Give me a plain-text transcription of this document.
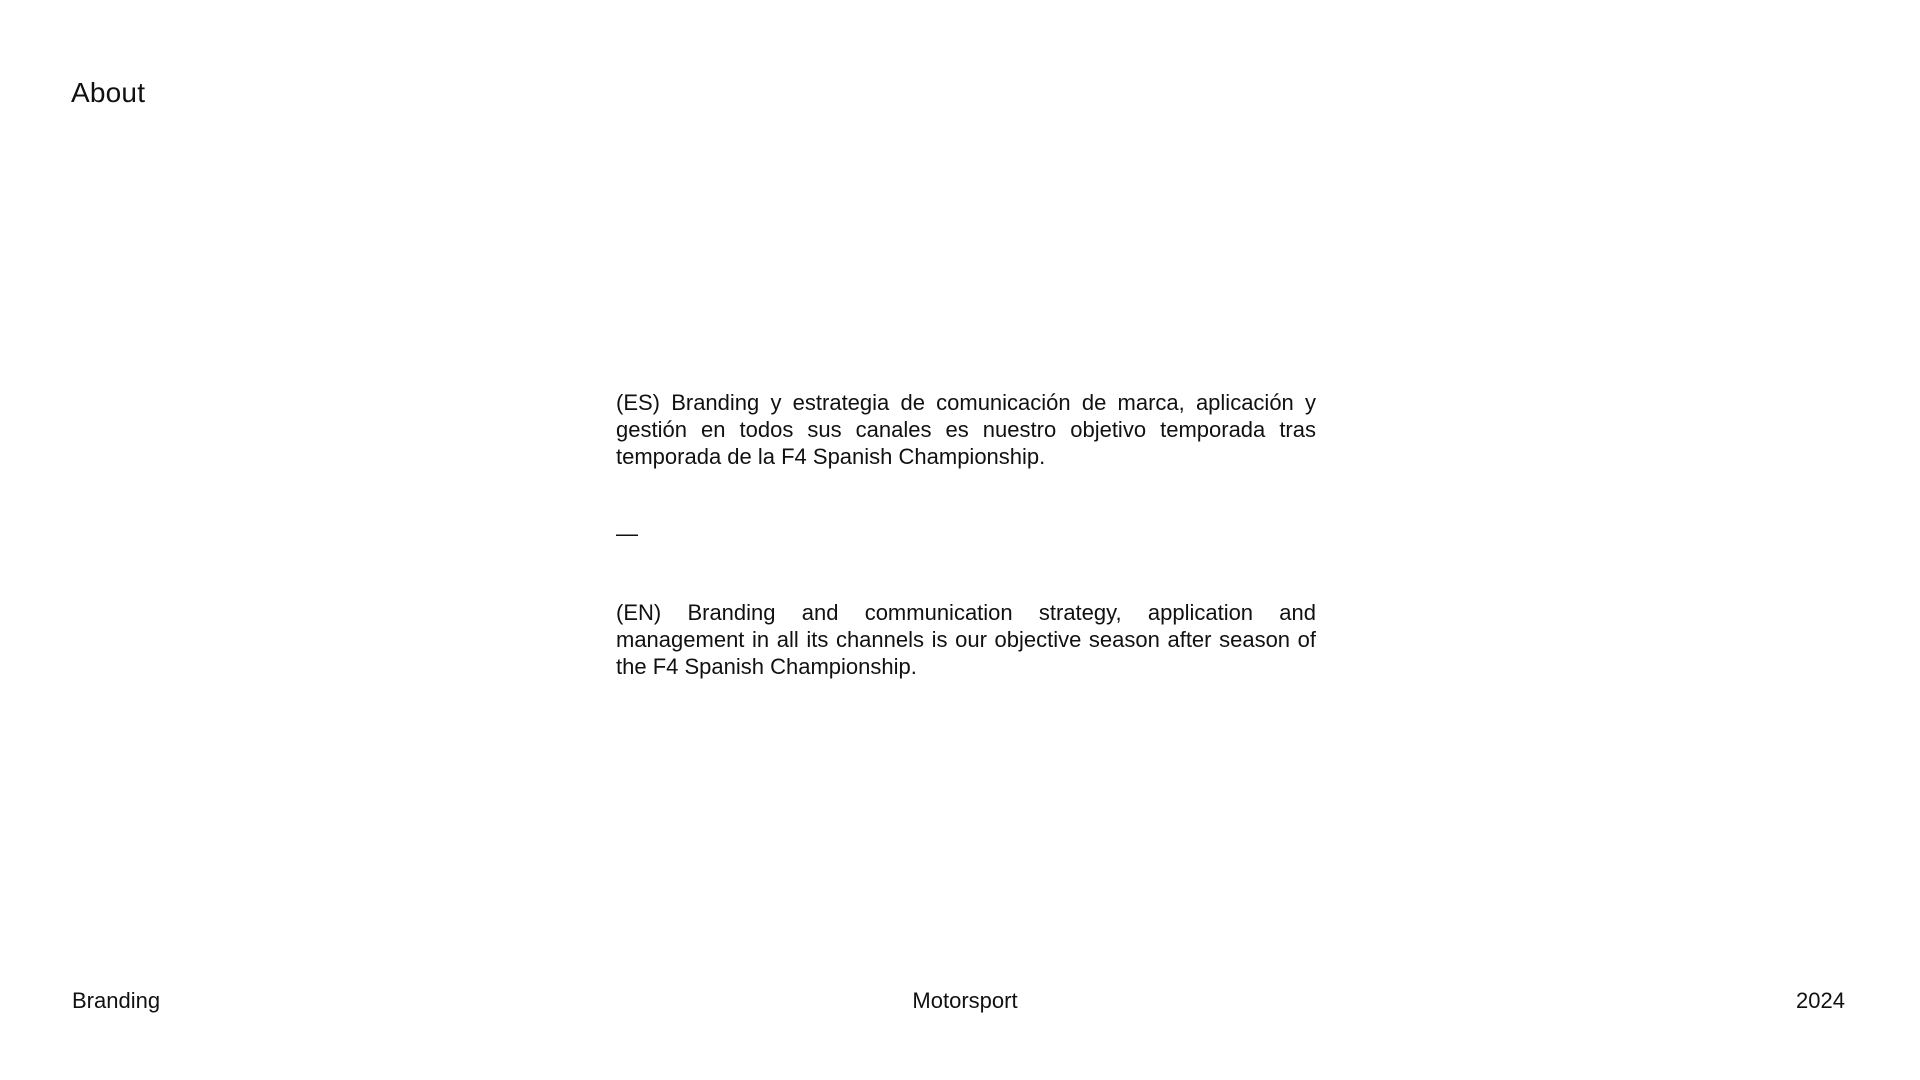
About

(ES) Branding y estrategia de comunicación de marca, aplicación y gestión en todos sus canales es nuestro objetivo temporada tras temporada de la F4 Spanish Championship.

—

(EN) Branding and communication strategy, application and management in all its channels is our objective season after season of the F4 Spanish Championship.

Branding	Motorsport	2024
